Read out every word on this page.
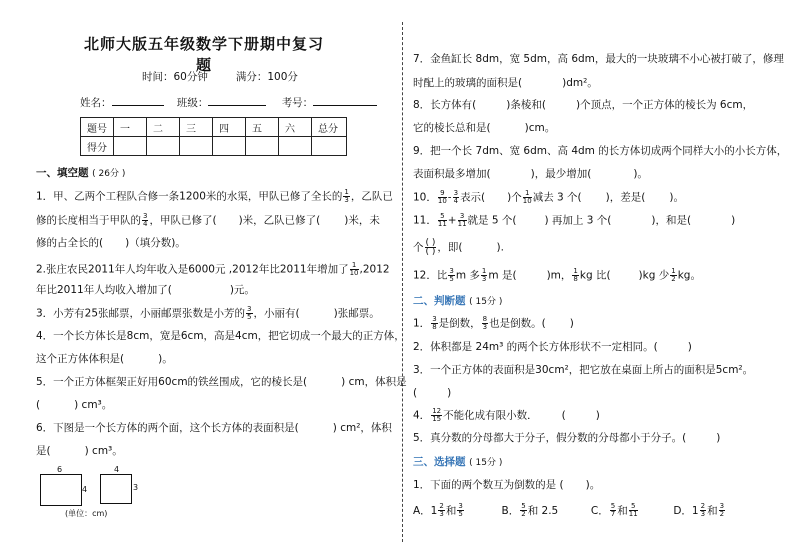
北师大版五年级数学下册期中复习题
时间：60分钟	满分：100分
姓名：	班级：	考号：
题号	一	二	三	四	五	六	总分
得分							
一、填空题 ( 26分 )
1．甲、乙两个工程队合修一条1200米的水渠，甲队已修了全长的 $\frac{1}{3}$ ，乙队已
修的长度相当于甲队的 $\frac{3}{4}$ ，甲队已修了( )米，乙队已修了( )米，未
修的占全长的( )（填分数)。
2.张庄农民2011年人均年收入是6000元 ,2012年比2011年增加了 $\frac{1}{10} ,2012$
年比2011年人均收入增加了(	)元。
3．小芳有25张邮票，小丽邮票张数是小芳的 $\frac{3}{5}$ ，小丽有(	)张邮票。
4．一个长方体长是8cm，宽是6cm，高是4cm，把它切成一个最大的正方体，
这个正方体体积是(	)。
5．一个正方体框架正好用60cm的铁丝围成，它的棱长是(	) cm，体积是
(	) cm³。
6．下图是一个长方体的两个面，这个长方体的表面积是(	) cm²，体积
是(	) cm³。
6
4
4
3
(单位：cm)
7．金鱼缸长 8dm，宽 5dm，高 6dm，最大的一块玻璃不小心被打破了，修理
时配上的玻璃的面积是(	)dm²。
8．长方体有(	)条棱和(	)个顶点，一个正方体的棱长为 6cm，
它的棱长总和是(	)cm。
9．把一个长 7dm、宽 6dm、高 4dm 的长方体切成两个同样大小的小长方体，
表面积最多增加(	)，最少增加(	)。
10． $\frac{9}{10} - \frac{3}{4}$ 表示( )个 $\frac{1}{10}$ 减去 3 个( )，差是( )。
11． $\frac{5}{11} + \frac{3}{11}$ 就是 5 个(	) 再加上 3 个(	)，和是(	)
个 $\frac{( )}{( )}$ ，即(	).
12．比 $\frac{3}{5}$ m 多 $\frac{1}{3}$ m 是(	)m， $\frac{1}{8}$ kg 比(	)kg 少 $\frac{1}{2}$ kg。
二、判断题 ( 15分 )
1． $\frac{3}{8}$ 是倒数， $\frac{8}{3}$ 也是倒数。( )
2．体积都是 24m³ 的两个长方体形状不一定相同。(	)
3．一个正方体的表面积是30cm²，把它放在桌面上所占的面积是5cm²。
(	)
4． $\frac{12}{15}$ 不能化成有限小数． (	)
5．真分数的分母都大于分子，假分数的分母都小于分子。(	)
三、选择题 ( 15分 )
1．下面的两个数互为倒数的是 ( )。
A．$1 \frac{2}{3}$ 和 $\frac{3}{5}$	B． $\frac{5}{2}$ 和 2.5	C． $\frac{5}{7}$ 和 $\frac{5}{11}$	D．$1 \frac{2}{3}$ 和 $\frac{3}{2}$
